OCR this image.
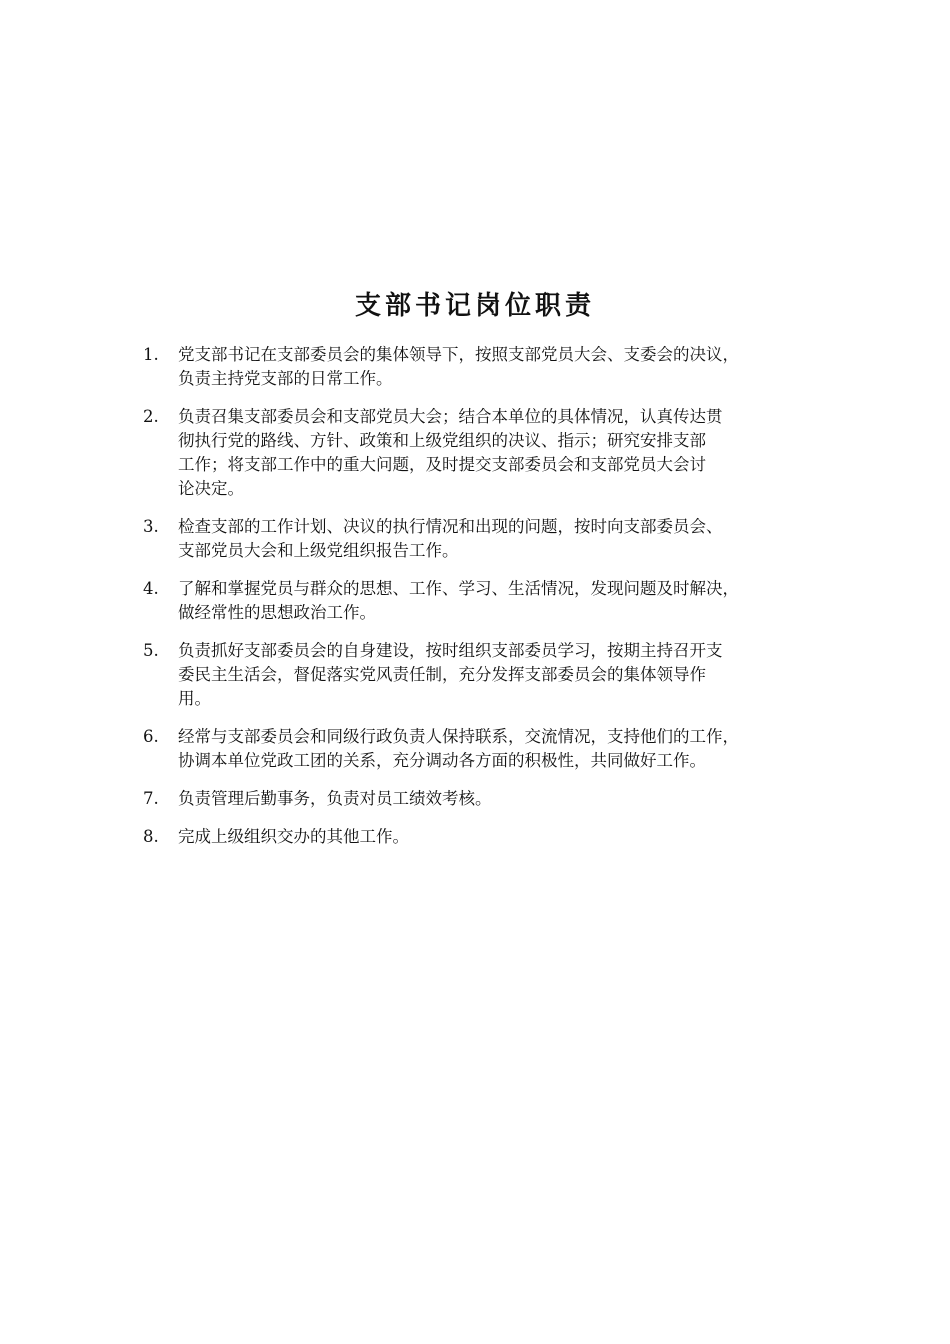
支部书记岗位职责
1. 党支部书记在支部委员会的集体领导下，按照支部党员大会、支委会的决议，
负责主持党支部的日常工作。
2. 负责召集支部委员会和支部党员大会；结合本单位的具体情况，认真传达贯
彻执行党的路线、方针、政策和上级党组织的决议、指示；研究安排支部
工作；将支部工作中的重大问题，及时提交支部委员会和支部党员大会讨
论决定。
3. 检查支部的工作计划、决议的执行情况和出现的问题，按时向支部委员会、
支部党员大会和上级党组织报告工作。
4. 了解和掌握党员与群众的思想、工作、学习、生活情况，发现问题及时解决，
做经常性的思想政治工作。
5. 负责抓好支部委员会的自身建设，按时组织支部委员学习，按期主持召开支
委民主生活会，督促落实党风责任制，充分发挥支部委员会的集体领导作
用。
6. 经常与支部委员会和同级行政负责人保持联系，交流情况，支持他们的工作，
协调本单位党政工团的关系，充分调动各方面的积极性，共同做好工作。
7. 负责管理后勤事务，负责对员工绩效考核。
8. 完成上级组织交办的其他工作。
